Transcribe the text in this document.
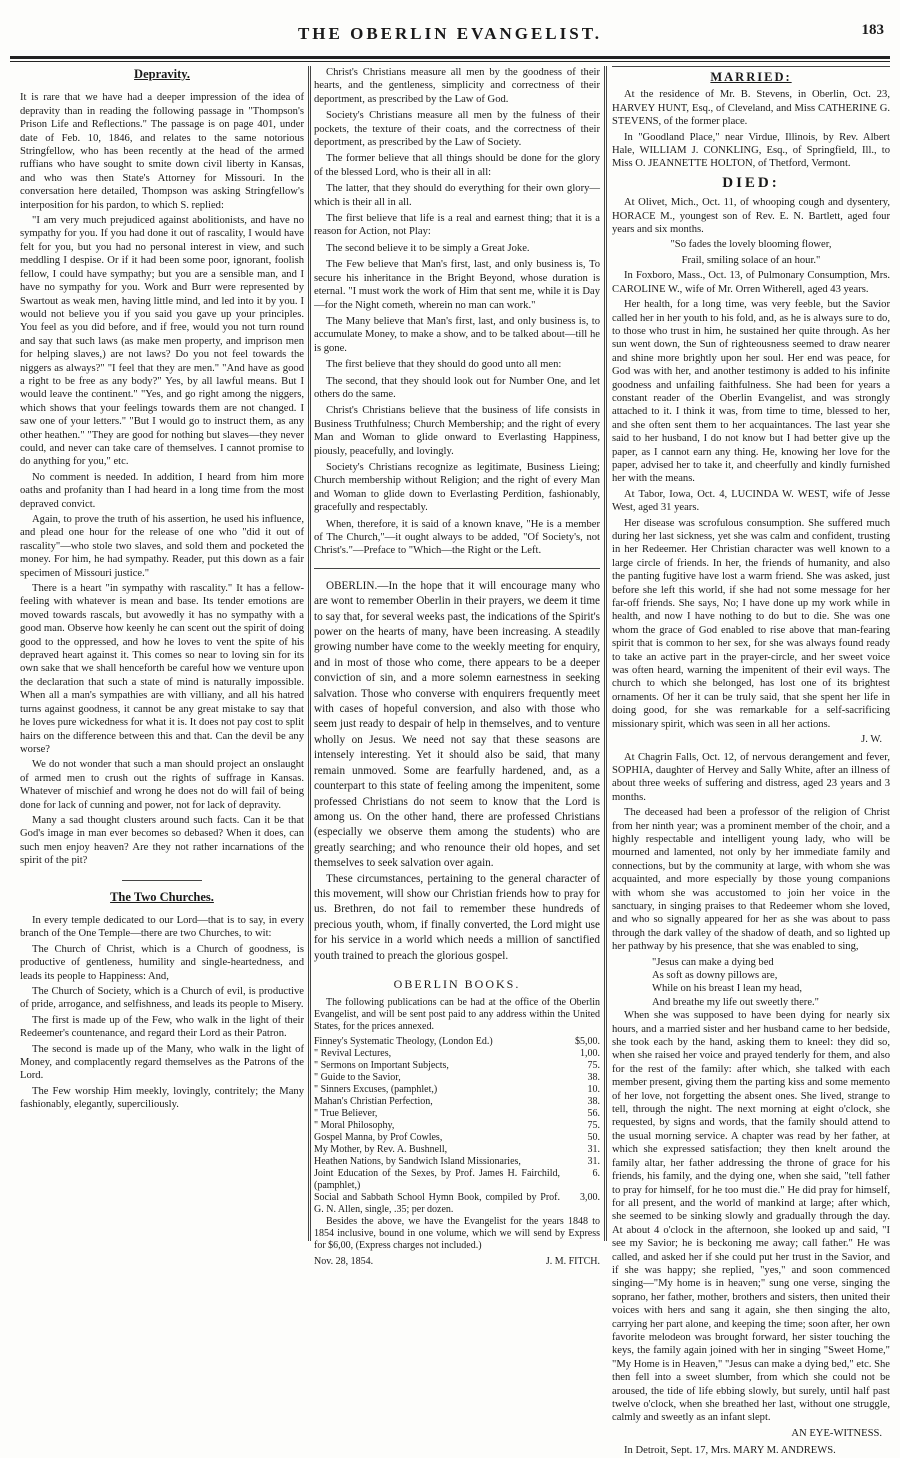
THE OBERLIN EVANGELIST.	183
Depravity.

It is rare that we have had a deeper impression of the idea of depravity than in reading the following passage in "Thompson's Prison Life and Reflections." The passage is on page 401, under date of Feb. 10, 1846, and relates to the same notorious Stringfellow, who has been recently at the head of the armed ruffians who have sought to smite down civil liberty in Kansas, and who was then State's Attorney for Missouri. In the conversation here detailed, Thompson was asking Stringfellow's interposition for his pardon, to which S. replied:

"I am very much prejudiced against abolitionists, and have no sympathy for you. If you had done it out of rascality, I would have felt for you, but you had no personal interest in view, and such meddling I despise. Or if it had been some poor, ignorant, foolish fellow, I could have sympathy; but you are a sensible man, and I have no sympathy for you. Work and Burr were represented by Swartout as weak men, having little mind, and led into it by you. I would not believe you if you said you gave up your principles. You feel as you did before, and if free, would you not turn round and say that such laws (as make men property, and imprison men for helping slaves,) are not laws? Do you not feel towards the niggers as always?" "I feel that they are men." "And have as good a right to be free as any body?" Yes, by all lawful means. But I would leave the continent." "Yes, and go right among the niggers, which shows that your feelings towards them are not changed. I saw one of your letters." "But I would go to instruct them, as any other heathen." "They are good for nothing but slaves—they never could, and never can take care of themselves. I cannot promise to do anything for you," etc.

No comment is needed. In addition, I heard from him more oaths and profanity than I had heard in a long time from the most depraved convict.

Again, to prove the truth of his assertion, he used his influence, and plead one hour for the release of one who "did it out of rascality"—who stole two slaves, and sold them and pocketed the money. For him, he had sympathy. Reader, put this down as a fair specimen of Missouri justice."

There is a heart "in sympathy with rascality." It has a fellow-feeling with whatever is mean and base. Its tender emotions are moved towards rascals, but avowedly it has no sympathy with a good man. Observe how keenly he can scent out the spirit of doing good to the oppressed, and how he loves to vent the spite of his depraved heart against it. This comes so near to loving sin for its own sake that we shall henceforth be careful how we venture upon the declaration that such a state of mind is naturally impossible. When all a man's sympathies are with villiany, and all his hatred turns against goodness, it cannot be any great mistake to say that he loves pure wickedness for what it is. It does not pay cost to split hairs on the difference between this and that. Can the devil be any worse?

We do not wonder that such a man should project an onslaught of armed men to crush out the rights of suffrage in Kansas. Whatever of mischief and wrong he does not do will fail of being done for lack of cunning and power, not for lack of depravity.

Many a sad thought clusters around such facts. Can it be that God's image in man ever becomes so debased? When it does, can such men enjoy heaven? Are they not rather incarnations of the spirit of the pit?

The Two Churches.

In every temple dedicated to our Lord—that is to say, in every branch of the One Temple—there are two Churches, to wit:

The Church of Christ, which is a Church of goodness, is productive of gentleness, humility and single-heartedness, and leads its people to Happiness: And,

The Church of Society, which is a Church of evil, is productive of pride, arrogance, and selfishness, and leads its people to Misery.

The first is made up of the Few, who walk in the light of their Redeemer's countenance, and regard their Lord as their Patron.

The second is made up of the Many, who walk in the light of Money, and complacently regard themselves as the Patrons of the Lord.

The Few worship Him meekly, lovingly, contritely; the Many fashionably, elegantly, superciliously.

Christ's Christians measure all men by the goodness of their hearts, and the gentleness, simplicity and correctness of their deportment, as prescribed by the Law of God.

Society's Christians measure all men by the fulness of their pockets, the texture of their coats, and the correctness of their deportment, as prescribed by the Law of Society.

The former believe that all things should be done for the glory of the blessed Lord, who is their all in all:

The latter, that they should do everything for their own glory—which is their all in all.

The first believe that life is a real and earnest thing; that it is a reason for Action, not Play:

The second believe it to be simply a Great Joke.

The Few believe that Man's first, last, and only business is, To secure his inheritance in the Bright Beyond, whose duration is eternal. "I must work the work of Him that sent me, while it is Day—for the Night cometh, wherein no man can work."

The Many believe that Man's first, last, and only business is, to accumulate Money, to make a show, and to be talked about—till he is gone.

The first believe that they should do good unto all men:

The second, that they should look out for Number One, and let others do the same.

Christ's Christians believe that the business of life consists in Business Truthfulness; Church Membership; and the right of every Man and Woman to glide onward to Everlasting Happiness, piously, peacefully, and lovingly.

Society's Christians recognize as legitimate, Business Lieing; Church membership without Religion; and the right of every Man and Woman to glide down to Everlasting Perdition, fashionably, gracefully and respectably.

When, therefore, it is said of a known knave, "He is a member of The Church,"—it ought always to be added, "Of Society's, not Christ's."—Preface to "Which—the Right or the Left.

OBERLIN.—In the hope that it will encourage many who are wont to remember Oberlin in their prayers, we deem it time to say that, for several weeks past, the indications of the Spirit's power on the hearts of many, have been increasing. A steadily growing number have come to the weekly meeting for enquiry, and in most of those who come, there appears to be a deeper conviction of sin, and a more solemn earnestness in seeking salvation. Those who converse with enquirers frequently meet with cases of hopeful conversion, and also with those who seem just ready to despair of help in themselves, and to venture wholly on Jesus. We need not say that these seasons are intensely interesting. Yet it should also be said, that many remain unmoved. Some are fearfully hardened, and, as a counterpart to this state of feeling among the impenitent, some professed Christians do not seem to know that the Lord is among us. On the other hand, there are professed Christians (especially we observe them among the students) who are greatly searching; and who renounce their old hopes, and set themselves to seek salvation over again.

These circumstances, pertaining to the general character of this movement, will show our Christian friends how to pray for us. Brethren, do not fail to remember these hundreds of precious youth, whom, if finally converted, the Lord might use for his service in a world which needs a million of sanctified youth trained to preach the glorious gospel.

OBERLIN BOOKS.

The following publications can be had at the office of the Oberlin Evangelist, and will be sent post paid to any address within the United States, for the prices annexed.

Finney's Systematic Theology, (London Ed.)	$5,00.
" Revival Lectures,	1,00.
" Sermons on Important Subjects,	75.
" Guide to the Savior,	38.
" Sinners Excuses, (pamphlet,)	10.
Mahan's Christian Perfection,	38.
" True Believer,	56.
" Moral Philosophy,	75.
Gospel Manna, by Prof Cowles,	50.
My Mother, by Rev. A. Bushnell,	31.
Heathen Nations, by Sandwich Island Missionaries,	31.
Joint Education of the Sexes, by Prof. James H. Fairchild, (pamphlet,)	6.
Social and Sabbath School Hymn Book, compiled by Prof. G. N. Allen, single, .35; per dozen.	3,00.

Besides the above, we have the Evangelist for the years 1848 to 1854 inclusive, bound in one volume, which we will send by Express for $6,00, (Express charges not included.)

Nov. 28, 1854.	J. M. FITCH.
MARRIED:

At the residence of Mr. B. Stevens, in Oberlin, Oct. 23, HARVEY HUNT, Esq., of Cleveland, and Miss CATHERINE G. STEVENS, of the former place.

In "Goodland Place," near Virdue, Illinois, by Rev. Albert Hale, WILLIAM J. CONKLING, Esq., of Springfield, Ill., to Miss O. JEANNETTE HOLTON, of Thetford, Vermont.

DIED:

At Olivet, Mich., Oct. 11, of whooping cough and dysentery, HORACE M., youngest son of Rev. E. N. Bartlett, aged four years and six months.

"So fades the lovely blooming flower,
Frail, smiling solace of an hour."

In Foxboro, Mass., Oct. 13, of Pulmonary Consumption, Mrs. CAROLINE W., wife of Mr. Orren Witherell, aged 43 years.

Her health, for a long time, was very feeble, but the Savior called her in her youth to his fold, and, as he is always sure to do, to those who trust in him, he sustained her quite through. As her sun went down, the Sun of righteousness seemed to draw nearer and shine more brightly upon her soul. Her end was peace, for God was with her, and another testimony is added to his infinite goodness and unfailing faithfulness. She had been for years a constant reader of the Oberlin Evangelist, and was strongly attached to it. I think it was, from time to time, blessed to her, and she often sent them to her acquaintances. The last year she said to her husband, I do not know but I had better give up the paper, as I cannot earn any thing. He, knowing her love for the paper, advised her to take it, and cheerfully and kindly furnished her with the means.

At Tabor, Iowa, Oct. 4, LUCINDA W. WEST, wife of Jesse West, aged 31 years.

Her disease was scrofulous consumption. She suffered much during her last sickness, yet she was calm and confident, trusting in her Redeemer. Her Christian character was well known to a large circle of friends. In her, the friends of humanity, and also the panting fugitive have lost a warm friend. She was asked, just before she left this world, if she had not some message for her far-off friends. She says, No; I have done up my work while in health, and now I have nothing to do but to die. She was one whom the grace of God enabled to rise above that man-fearing spirit that is common to her sex, for she was always found ready to take an active part in the prayer-circle, and her sweet voice was often heard, warning the impenitent of their evil ways. The church to which she belonged, has lost one of its brightest ornaments. Of her it can be truly said, that she spent her life in doing good, for she was remarkable for a self-sacrificing missionary spirit, which was seen in all her actions.

J. W.

At Chagrin Falls, Oct. 12, of nervous derangement and fever, SOPHIA, daughter of Hervey and Sally White, after an illness of about three weeks of suffering and distress, aged 23 years and 3 months.

The deceased had been a professor of the religion of Christ from her ninth year; was a prominent member of the choir, and a highly respectable and intelligent young lady, who will be mourned and lamented, not only by her immediate family and connections, but by the community at large, with whom she was acquainted, and more especially by those young companions with whom she was accustomed to join her voice in the sanctuary, in singing praises to that Redeemer whom she loved, and who so signally appeared for her as she was about to pass through the dark valley of the shadow of death, and so lighted up her pathway by his presence, that she was enabled to sing,

"Jesus can make a dying bed
As soft as downy pillows are,
While on his breast I lean my head,
And breathe my life out sweetly there."

When she was supposed to have been dying for nearly six hours, and a married sister and her husband came to her bedside, she took each by the hand, asking them to kneel: they did so, when she raised her voice and prayed tenderly for them, and also for the rest of the family: after which, she talked with each member present, giving them the parting kiss and some memento of her love, not forgetting the absent ones. She lived, strange to tell, through the night. The next morning at eight o'clock, she requested, by signs and words, that the family should attend to the usual morning service. A chapter was read by her father, at which she expressed satisfaction; they then knelt around the family altar, her father addressing the throne of grace for his friends, his family, and the dying one, when she said, "tell father to pray for himself, for he too must die." He did pray for himself, for all present, and the world of mankind at large; after which, she seemed to be sinking slowly and gradually through the day. At about 4 o'clock in the afternoon, she looked up and said, "I see my Savior; he is beckoning me away; call father." He was called, and asked her if she could put her trust in the Savior, and if she was happy; she replied, "yes," and soon commenced singing—"My home is in heaven;" sung one verse, singing the soprano, her father, mother, brothers and sisters, then united their voices with hers and sang it again, she then singing the alto, carrying her part alone, and keeping the time; soon after, her own favorite melodeon was brought forward, her sister touching the keys, the family again joined with her in singing "Sweet Home," "My Home is in Heaven," "Jesus can make a dying bed," etc. She then fell into a sweet slumber, from which she could not be aroused, the tide of life ebbing slowly, but surely, until half past twelve o'clock, when she breathed her last, without one struggle, calmly and sweetly as an infant slept.

AN EYE-WITNESS.

In Detroit, Sept. 17, Mrs. MARY M. ANDREWS.
